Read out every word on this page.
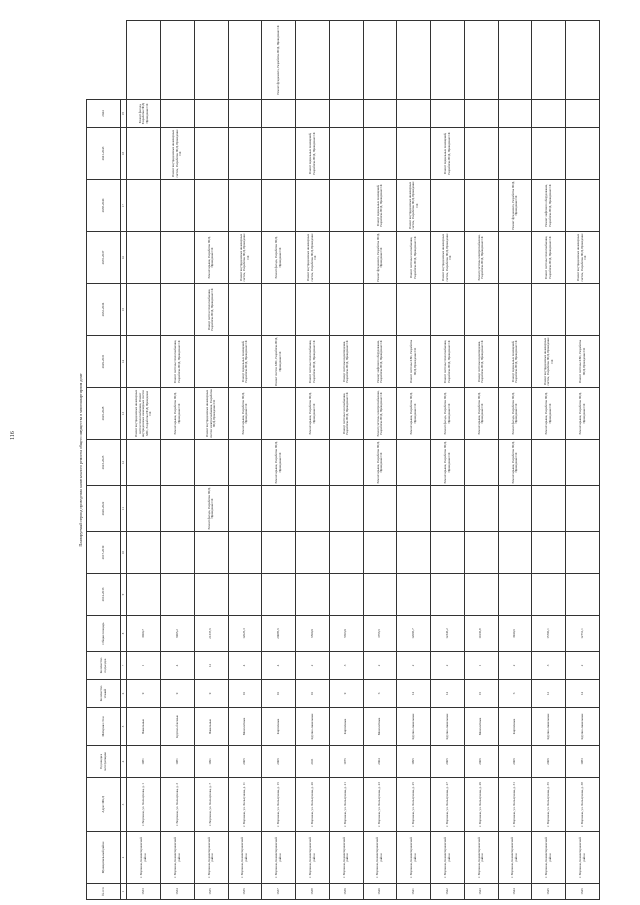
116	Планируемый период проведения капитального ремонта общего имущества в многоквартирном доме
№ п/п	Муниципальный район	Адрес МКД	Год ввода в эксплуатацию	Материал стен	Количество этажей	Количество подъездов	Общая площадь	2014-2016	2017-2019	2020-2022	2023-2025	2026-2028	2029-2031	2032-2034	2035-2037	2038-2040	2041-2043	2044	
1	2	3	4	5	6	7	8	9	10	11	12	13	14	15	16	17	18	19	
1633	г. Воронеж, Коминтерновский район	г. Воронеж, ул. Хользунова, д. 1	1981	Панельные	9	1	3000,7					Ремонт внутридомовых инженерных систем теплоснабжения, Ремонт внутридомовых инженерных систем ХВС, Разработка ПСД, Проведение СК						Ремонт фасада, Разработка ПСД, Проведение СК	
1634	г. Воронеж, Коминтерновский район	г. Воронеж, ул. Хользунова, д. 3	1981	Крупно-блочные	9	4	6905,2					Ремонт крыши, Разработка ПСД, Проведение СК	Ремонт системы теплоснабжения, Разработка ПСД, Проведение СК				Ремонт внутридомовых инженерных систем, Разработка ПСД, Проведение СК		
1635	г. Воронеж, Коминтерновский район	г. Воронеж, ул. Хользунова, д. 7	1991	Панельные	9	12	21337,6			Ремонт фасада, Разработка ПСД, Проведение СК		Ремонт внутридомовых инженерных систем электроснабжения, Разработка ПСД, Проведение СК		Ремонт систем теплоснабжения, Разработка ПСД, Проведение СК	Ремонт крыши, Разработка ПСД, Проведение СК				
1636	г. Воронеж, Коминтерновский район	г. Воронеж, ул. Хользунова, д. 11	2005	Монолитные	10	4	12025,3					Ремонт крыши, Разработка ПСД, Проведение СК	Ремонт подвальных помещений, Разработка ПСД, Проведение СК		Ремонт внутридомовых инженерных систем, Разработка ПСД, Проведение СК				
1637	г. Воронеж, Коминтерновский район	г. Воронеж, ул. Хользунова, д. 15	2006	Кирпичные	10	4	20085,6				Ремонт крыши, Разработка ПСД, Проведение СК		Ремонт систем ХВС, Разработка ПСД, Проведение СК		Ремонт фасада, Разработка ПСД, Проведение СК				Ремонт фундамента, Разработка ПСД, Проведение СК
1638	г. Воронеж, Коминтерновский район	г. Воронеж, ул. Хользунова, д. 20	2011	Крупно-панельные	10	2	6500,9					Ремонт крыши, Разработка ПСД, Проведение СК	Ремонт системы теплоснабжения, Разработка ПСД, Проведение СК		Ремонт внутридомовых инженерных систем, Разработка ПСД, Проведение СК		Ремонт подвальных помещений, Разработка ПСД, Проведение СК		
1639	г. Воронеж, Коминтерновский район	г. Воронеж, ул. Хользунова, д. 21	1975	Кирпичные	9	3	5663,9					Ремонт системы газоснабжения, Разработка ПСД, Проведение СК	Ремонт системы водоотведения, Разработка ПСД, Проведение СК						
1640	г. Воронеж, Коминтерновский район	г. Воронеж, ул. Хользунова, д. 23	2004	Монолитные	6	2	3766,5				Ремонт крыши, Разработка ПСД, Проведение СК	Ремонт системы электроснабжения, Разработка ПСД, Проведение СК	Ремонт лифтового оборудования, Разработка ПСД, Проведение СК		Ремонт фундамента, Разработка ПСД, Проведение СК	Ремонт подвальных помещений, Разработка ПСД, Проведение СК			
1641	г. Воронеж, Коминтерновский район	г. Воронеж, ул. Хользунова, д. 25	1995	Крупно-панельные	14	2	12095,7					Ремонт крыши, Разработка ПСД, Проведение СК	Ремонт системы ХВС, Разработка ПСД, Проведение СК		Ремонт системы газоснабжения, Разработка ПСД, Проведение СК	Ремонт внутридомовых инженерных систем, Разработка ПСД, Проведение СК			
1642	г. Воронеж, Коминтерновский район	г. Воронеж, ул. Хользунова, д. 27	2005	Крупно-панельные	14	2	12345,2				Ремонт крыши, Разработка ПСД, Проведение СК	Ремонт фасада, Разработка ПСД, Проведение СК	Ремонт системы теплоснабжения, Разработка ПСД, Проведение СК		Ремонт внутридомовых инженерных систем, Разработка ПСД, Проведение СК		Ремонт подвальных помещений, Разработка ПСД, Проведение СК		
1643	г. Воронеж, Коминтерновский район	г. Воронеж, ул. Хользунова, д. 29	2006	Монолитные	16	1	11036,8					Ремонт крыши, Разработка ПСД, Проведение СК	Ремонт системы водоотведения, Разработка ПСД, Проведение СК		Ремонт системы электроснабжения, Разработка ПСД, Проведение СК				
1644	г. Воронеж, Коминтерновский район	г. Воронеж, ул. Хользунова, д. 31	2006	Кирпичные	6	2	3940,6				Ремонт крыши, Разработка ПСД, Проведение СК	Ремонт фасада, Разработка ПСД, Проведение СК	Ремонт подвальных помещений, Разработка ПСД, Проведение СК			Ремонт фундамента, Разработка ПСД, Проведение СК			
1645	г. Воронеж, Коминтерновский район	г. Воронеж, ул. Хользунова, д. 35	2006	Крупно-панельные	12	3	15706,1					Ремонт крыши, Разработка ПСД, Проведение СК	Ремонт внутридомовых инженерных систем, Разработка ПСД, Проведение СК		Ремонт системы теплоснабжения, Разработка ПСД, Проведение СК	Ремонт лифтового оборудования, Разработка ПСД, Проведение СК			
1646	г. Воронеж, Коминтерновский район	г. Воронеж, ул. Хользунова, д. 38	1983	Крупно-панельные	14	2	12751,1					Ремонт крыши, Разработка ПСД, Проведение СК	Ремонт системы ХВС, Разработка ПСД, Проведение СК		Ремонт внутридомовых инженерных систем, Разработка ПСД, Проведение СК				
